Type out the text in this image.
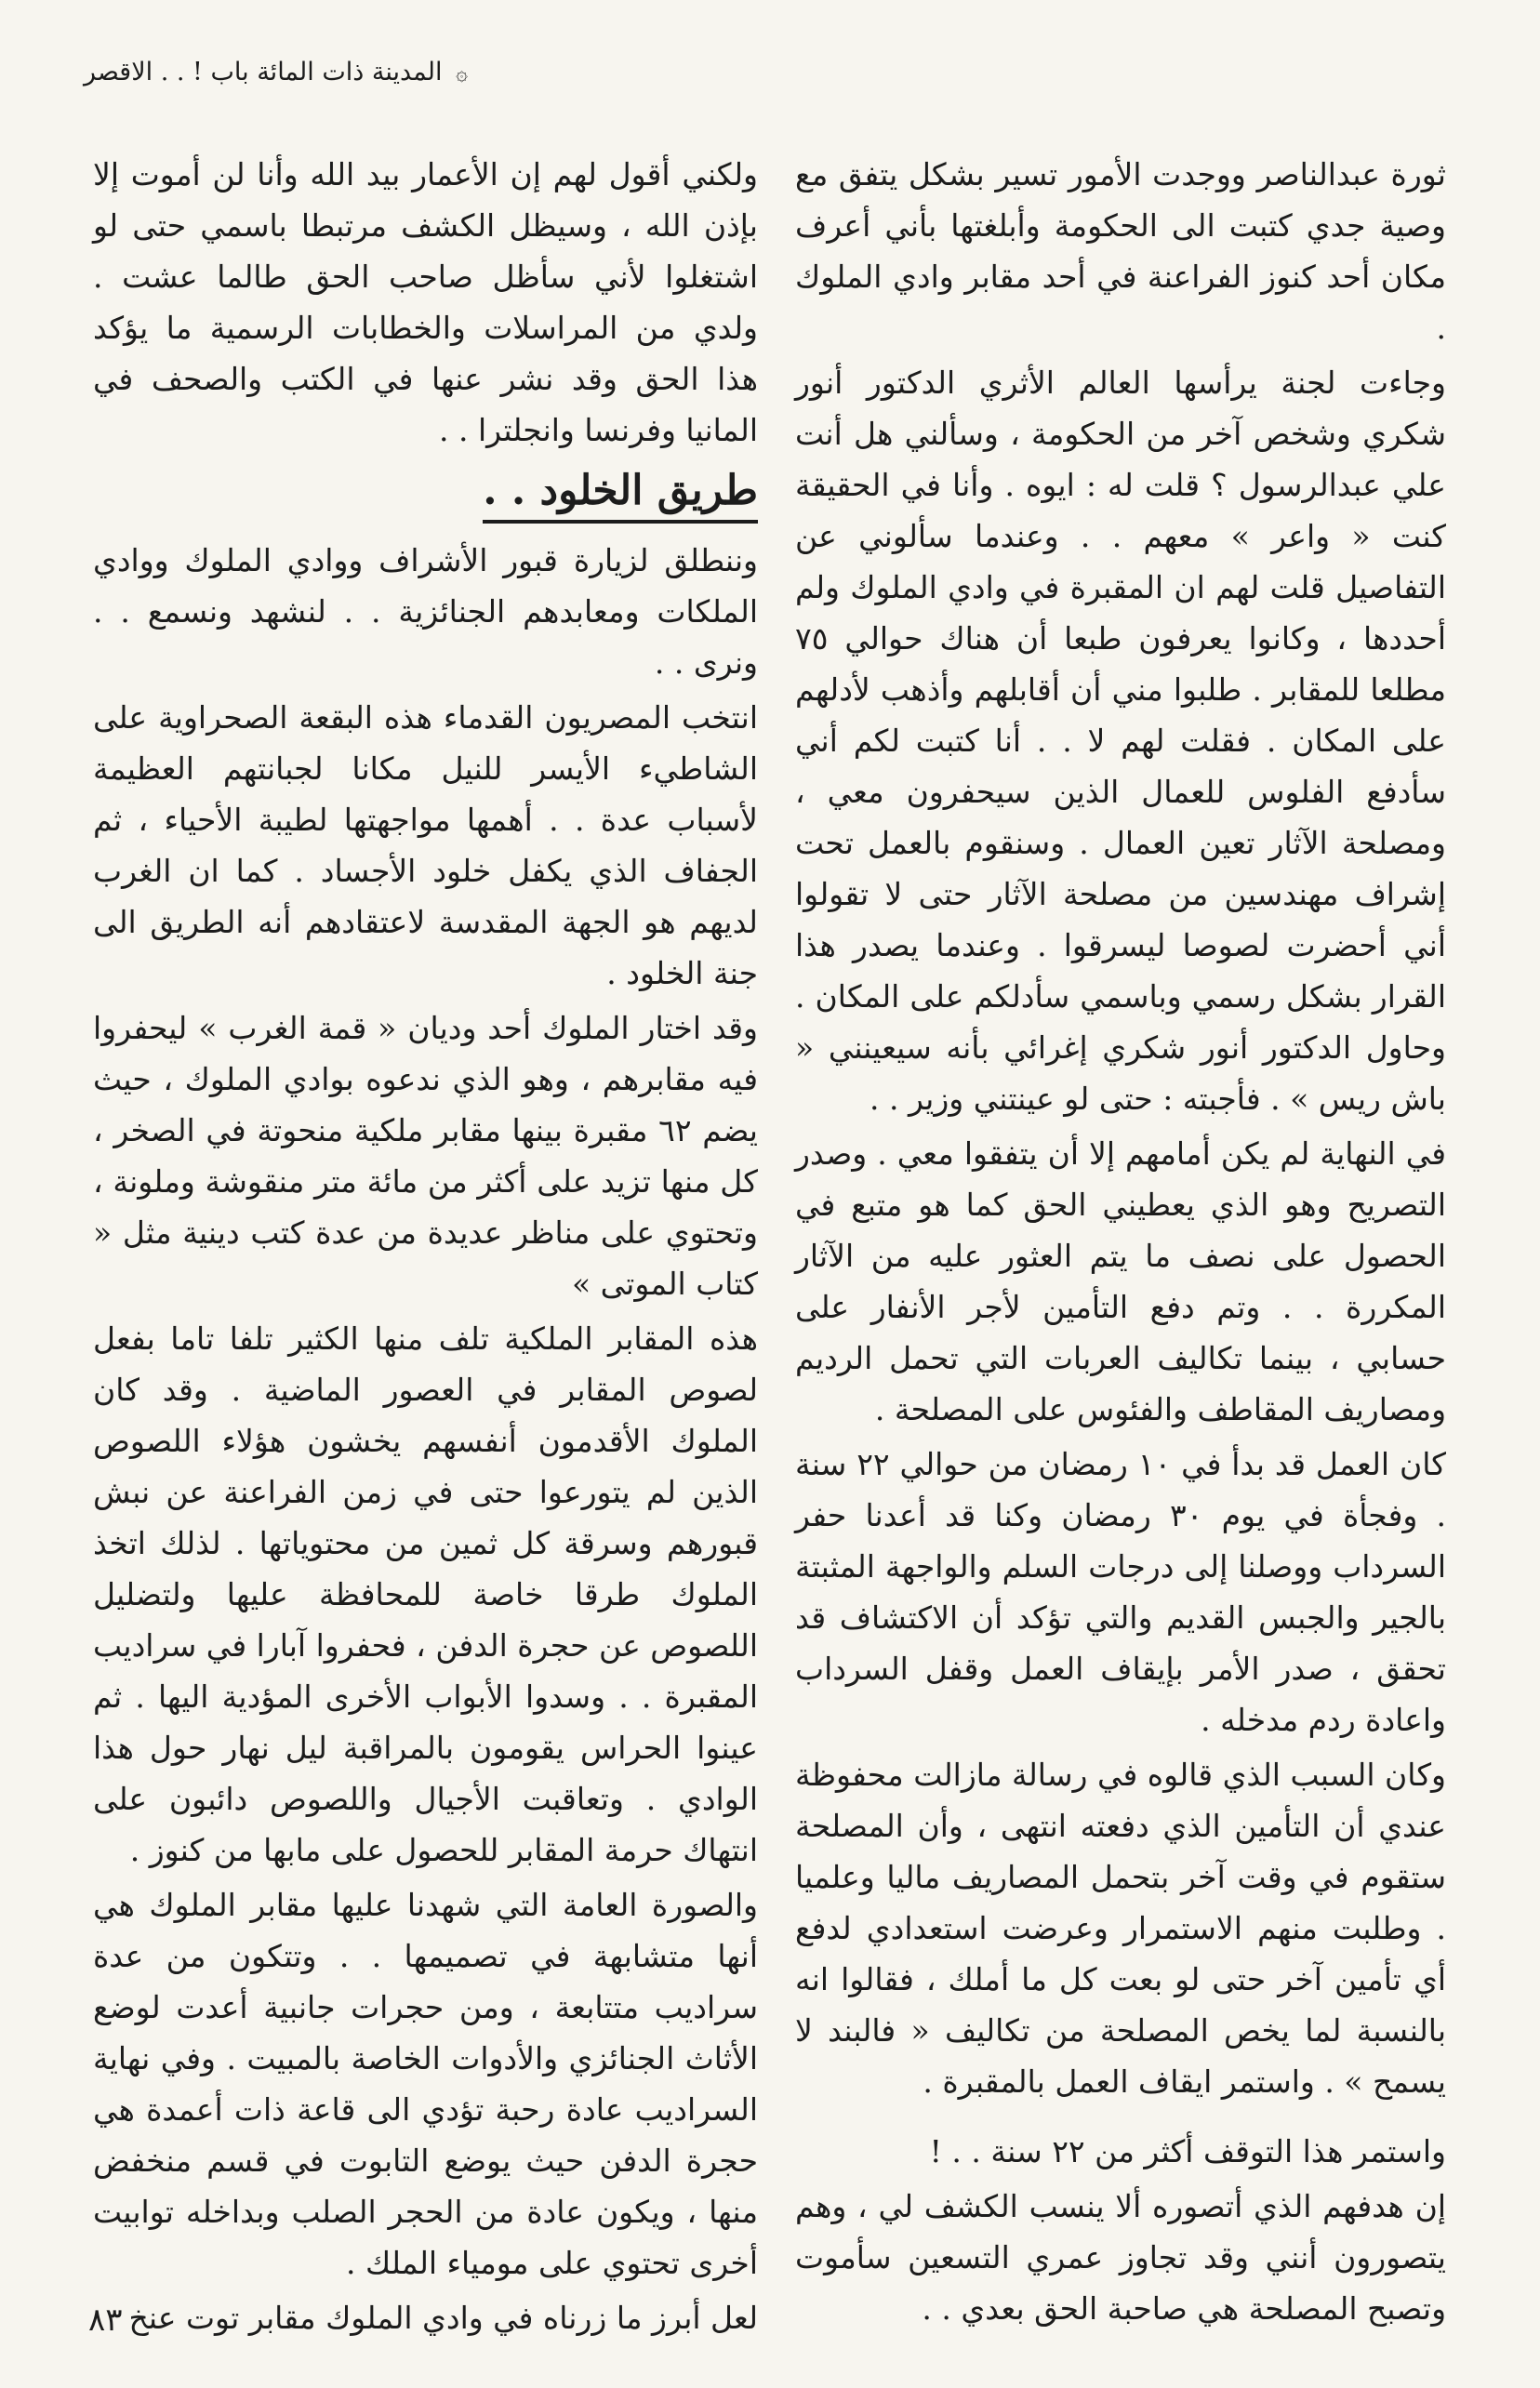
۞ المدينة ذات المائة باب ! . . الاقصر

ثورة عبدالناصر ووجدت الأمور تسير بشكل يتفق مع وصية جدي كتبت الى الحكومة وأبلغتها بأني أعرف مكان أحد كنوز الفراعنة في أحد مقابر وادي الملوك .

وجاءت لجنة يرأسها العالم الأثري الدكتور أنور شكري وشخص آخر من الحكومة ، وسألني هل أنت علي عبدالرسول ؟ قلت له : ايوه . وأنا في الحقيقة كنت « واعر » معهم . . وعندما سألوني عن التفاصيل قلت لهم ان المقبرة في وادي الملوك ولم أحددها ، وكانوا يعرفون طبعا أن هناك حوالي ٧٥ مطلعا للمقابر . طلبوا مني أن أقابلهم وأذهب لأدلهم على المكان . فقلت لهم لا . . أنا كتبت لكم أني سأدفع الفلوس للعمال الذين سيحفرون معي ، ومصلحة الآثار تعين العمال . وسنقوم بالعمل تحت إشراف مهندسين من مصلحة الآثار حتى لا تقولوا أني أحضرت لصوصا ليسرقوا . وعندما يصدر هذا القرار بشكل رسمي وباسمي سأدلكم على المكان . وحاول الدكتور أنور شكري إغرائي بأنه سيعينني « باش ريس » . فأجبته : حتى لو عينتني وزير . .

في النهاية لم يكن أمامهم إلا أن يتفقوا معي . وصدر التصريح وهو الذي يعطيني الحق كما هو متبع في الحصول على نصف ما يتم العثور عليه من الآثار المكررة . . وتم دفع التأمين لأجر الأنفار على حسابي ، بينما تكاليف العربات التي تحمل الرديم ومصاريف المقاطف والفئوس على المصلحة .

كان العمل قد بدأ في ١٠ رمضان من حوالي ٢٢ سنة . وفجأة في يوم ٣٠ رمضان وكنا قد أعدنا حفر السرداب ووصلنا إلى درجات السلم والواجهة المثبتة بالجير والجبس القديم والتي تؤكد أن الاكتشاف قد تحقق ، صدر الأمر بإيقاف العمل وقفل السرداب واعادة ردم مدخله .

وكان السبب الذي قالوه في رسالة مازالت محفوظة عندي أن التأمين الذي دفعته انتهى ، وأن المصلحة ستقوم في وقت آخر بتحمل المصاريف ماليا وعلميا . وطلبت منهم الاستمرار وعرضت استعدادي لدفع أي تأمين آخر حتى لو بعت كل ما أملك ، فقالوا انه بالنسبة لما يخص المصلحة من تكاليف « فالبند لا يسمح » . واستمر ايقاف العمل بالمقبرة .

واستمر هذا التوقف أكثر من ٢٢ سنة . . !

إن هدفهم الذي أتصوره ألا ينسب الكشف لي ، وهم يتصورون أنني وقد تجاوز عمري التسعين سأموت وتصبح المصلحة هي صاحبة الحق بعدي . .

ولكني أقول لهم إن الأعمار بيد الله وأنا لن أموت إلا بإذن الله ، وسيظل الكشف مرتبطا باسمي حتى لو اشتغلوا لأني سأظل صاحب الحق طالما عشت . ولدي من المراسلات والخطابات الرسمية ما يؤكد هذا الحق وقد نشر عنها في الكتب والصحف في المانيا وفرنسا وانجلترا . .

طريق الخلود . .

وننطلق لزيارة قبور الأشراف ووادي الملوك ووادي الملكات ومعابدهم الجنائزية . . لنشهد ونسمع . . ونرى . .

انتخب المصريون القدماء هذه البقعة الصحراوية على الشاطيء الأيسر للنيل مكانا لجبانتهم العظيمة لأسباب عدة . . أهمها مواجهتها لطيبة الأحياء ، ثم الجفاف الذي يكفل خلود الأجساد . كما ان الغرب لديهم هو الجهة المقدسة لاعتقادهم أنه الطريق الى جنة الخلود .

وقد اختار الملوك أحد وديان « قمة الغرب » ليحفروا فيه مقابرهم ، وهو الذي ندعوه بوادي الملوك ، حيث يضم ٦٢ مقبرة بينها مقابر ملكية منحوتة في الصخر ، كل منها تزيد على أكثر من مائة متر منقوشة وملونة ، وتحتوي على مناظر عديدة من عدة كتب دينية مثل « كتاب الموتى »

هذه المقابر الملكية تلف منها الكثير تلفا تاما بفعل لصوص المقابر في العصور الماضية . وقد كان الملوك الأقدمون أنفسهم يخشون هؤلاء اللصوص الذين لم يتورعوا حتى في زمن الفراعنة عن نبش قبورهم وسرقة كل ثمين من محتوياتها . لذلك اتخذ الملوك طرقا خاصة للمحافظة عليها ولتضليل اللصوص عن حجرة الدفن ، فحفروا آبارا في سراديب المقبرة . . وسدوا الأبواب الأخرى المؤدية اليها . ثم عينوا الحراس يقومون بالمراقبة ليل نهار حول هذا الوادي . وتعاقبت الأجيال واللصوص دائبون على انتهاك حرمة المقابر للحصول على مابها من كنوز .

والصورة العامة التي شهدنا عليها مقابر الملوك هي أنها متشابهة في تصميمها . . وتتكون من عدة سراديب متتابعة ، ومن حجرات جانبية أعدت لوضع الأثاث الجنائزي والأدوات الخاصة بالمبيت . وفي نهاية السراديب عادة رحبة تؤدي الى قاعة ذات أعمدة هي حجرة الدفن حيث يوضع التابوت في قسم منخفض منها ، ويكون عادة من الحجر الصلب وبداخله توابيت أخرى تحتوي على مومياء الملك .

لعل أبرز ما زرناه في وادي الملوك مقابر توت عنخ

٨٣
